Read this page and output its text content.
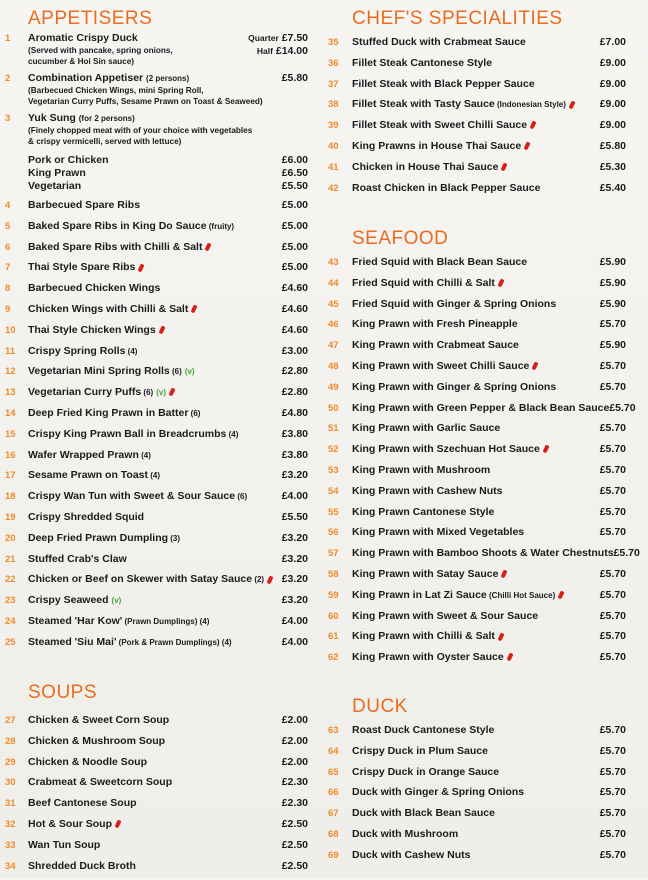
APPETISERS
1	Aromatic Crispy Duck
(Served with pancake, spring onions,
cucumber & Hoi Sin sauce)
Quarter £7.50
Half £14.00
2	Combination Appetiser (2 persons)
(Barbecued Chicken Wings, mini Spring Roll,
Vegetarian Curry Puffs, Sesame Prawn on Toast & Seaweed)
£5.80
3	Yuk Sung (for 2 persons)
(Finely chopped meat with of your choice with vegetables
& crispy vermicelli, served with lettuce)
Pork or Chicken	£6.00
King Prawn	£6.50
Vegetarian	£5.50
4	Barbecued Spare Ribs	£5.00
5	Baked Spare Ribs in King Do Sauce (fruity)	£5.00
6	Baked Spare Ribs with Chilli & Salt	£5.00
7	Thai Style Spare Ribs	£5.00
8	Barbecued Chicken Wings	£4.60
9	Chicken Wings with Chilli & Salt	£4.60
10	Thai Style Chicken Wings	£4.60
11	Crispy Spring Rolls (4)	£3.00
12	Vegetarian Mini Spring Rolls (6) (v)	£2.80
13	Vegetarian Curry Puffs (6) (v)	£2.80
14	Deep Fried King Prawn in Batter (6)	£4.80
15	Crispy King Prawn Ball in Breadcrumbs (4)	£3.80
16	Wafer Wrapped Prawn (4)	£3.80
17	Sesame Prawn on Toast (4)	£3.20
18	Crispy Wan Tun with Sweet & Sour Sauce (6)	£4.00
19	Crispy Shredded Squid	£5.50
20	Deep Fried Prawn Dumpling (3)	£3.20
21	Stuffed Crab's Claw	£3.20
22	Chicken or Beef on Skewer with Satay Sauce (2)	£3.20
23	Crispy Seaweed (v)	£3.20
24	Steamed 'Har Kow' (Prawn Dumplings) (4)	£4.00
25	Steamed 'Siu Mai' (Pork & Prawn Dumplings) (4)	£4.00
SOUPS
27	Chicken & Sweet Corn Soup	£2.00
28	Chicken & Mushroom Soup	£2.00
29	Chicken & Noodle Soup	£2.00
30	Crabmeat & Sweetcorn Soup	£2.30
31	Beef Cantonese Soup	£2.30
32	Hot & Sour Soup	£2.50
33	Wan Tun Soup	£2.50
34	Shredded Duck Broth	£2.50
CHEF'S SPECIALITIES
35	Stuffed Duck with Crabmeat Sauce	£7.00
36	Fillet Steak Cantonese Style	£9.00
37	Fillet Steak with Black Pepper Sauce	£9.00
38	Fillet Steak with Tasty Sauce (Indonesian Style)	£9.00
39	Fillet Steak with Sweet Chilli Sauce	£9.00
40	King Prawns in House Thai Sauce	£5.80
41	Chicken in House Thai Sauce	£5.30
42	Roast Chicken in Black Pepper Sauce	£5.40
SEAFOOD
43	Fried Squid with Black Bean Sauce	£5.90
44	Fried Squid with Chilli & Salt	£5.90
45	Fried Squid with Ginger & Spring Onions	£5.90
46	King Prawn with Fresh Pineapple	£5.70
47	King Prawn with Crabmeat Sauce	£5.90
48	King Prawn with Sweet Chilli Sauce	£5.70
49	King Prawn with Ginger & Spring Onions	£5.70
50	King Prawn with Green Pepper & Black Bean Sauce £5.70
51	King Prawn with Garlic Sauce	£5.70
52	King Prawn with Szechuan Hot Sauce	£5.70
53	King Prawn with Mushroom	£5.70
54	King Prawn with Cashew Nuts	£5.70
55	King Prawn Cantonese Style	£5.70
56	King Prawn with Mixed Vegetables	£5.70
57	King Prawn with Bamboo Shoots & Water Chestnuts £5.70
58	King Prawn with Satay Sauce	£5.70
59	King Prawn in Lat Zi Sauce (Chilli Hot Sauce)	£5.70
60	King Prawn with Sweet & Sour Sauce	£5.70
61	King Prawn with Chilli & Salt	£5.70
62	King Prawn with Oyster Sauce	£5.70
DUCK
63	Roast Duck Cantonese Style	£5.70
64	Crispy Duck in Plum Sauce	£5.70
65	Crispy Duck in Orange Sauce	£5.70
66	Duck with Ginger & Spring Onions	£5.70
67	Duck with Black Bean Sauce	£5.70
68	Duck with Mushroom	£5.70
69	Duck with Cashew Nuts	£5.70
